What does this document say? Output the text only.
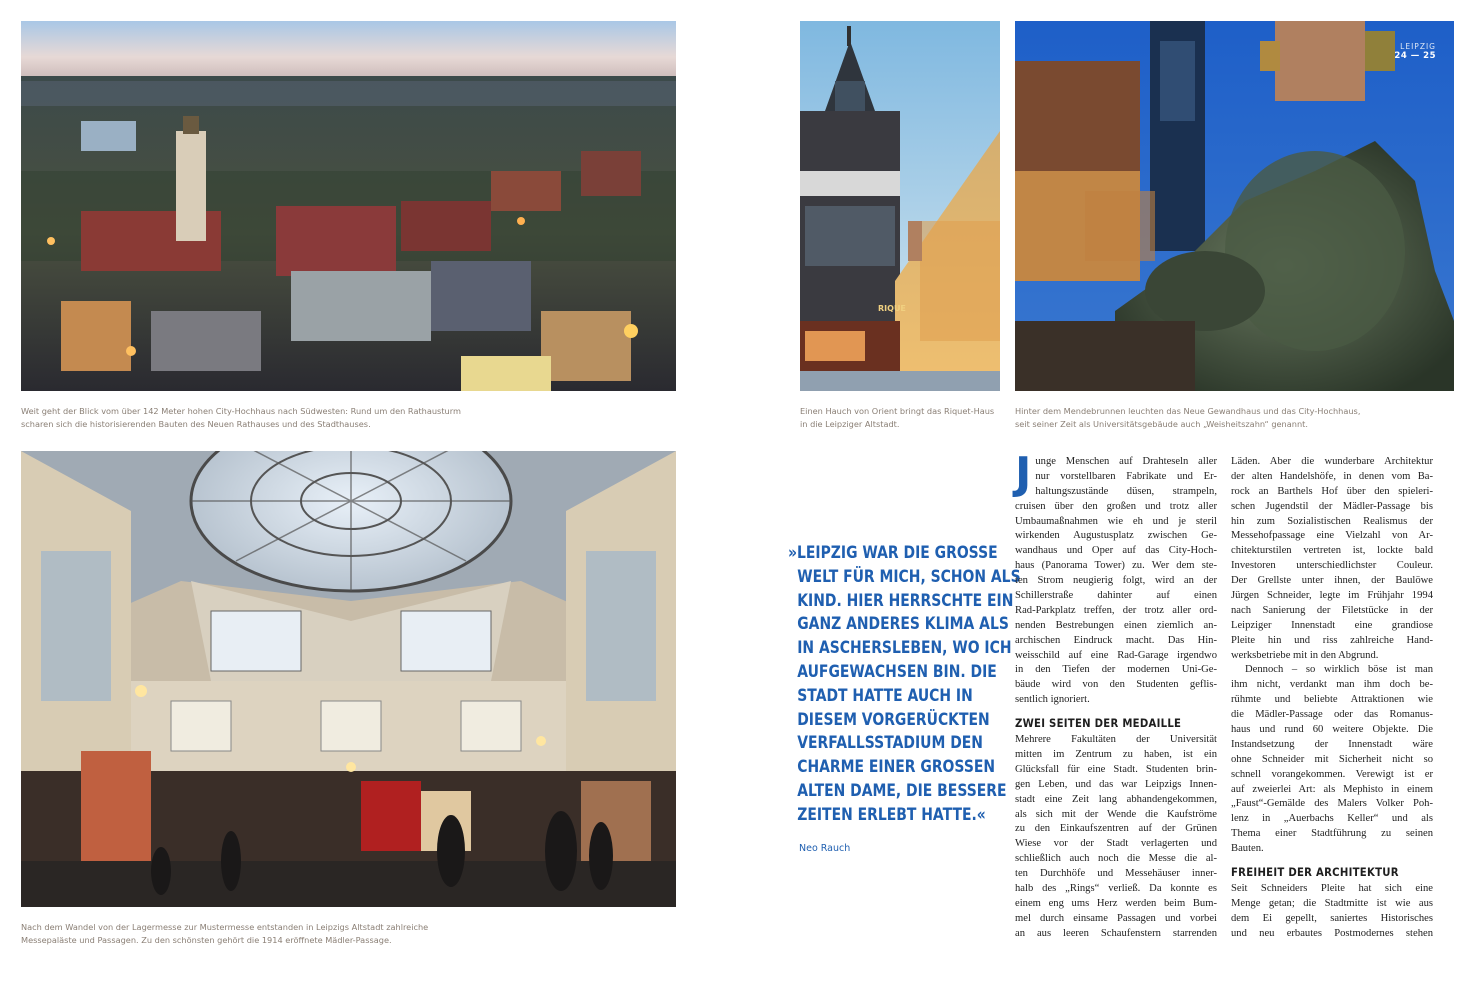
Weit geht der Blick vom über 142 Meter hohen City-Hochhaus nach Südwesten: Rund um den Rathausturm
scharen sich die historisierenden Bauten des Neuen Rathauses und des Stadthauses.

RIQUE

Einen Hauch von Orient bringt das Riquet-Haus
in die Leipziger Altstadt.

LEIPZIG
24 — 25

Hinter dem Mendebrunnen leuchten das Neue Gewandhaus und das City-Hochhaus,
seit seiner Zeit als Universitätsgebäude auch „Weisheitszahn“ genannt.

Nach dem Wandel von der Lagermesse zur Mustermesse entstanden in Leipzigs Altstadt zahlreiche
Messepaläste und Passagen. Zu den schönsten gehört die 1914 eröffnete Mädler-Passage.

»LEIPZIG WAR DIE GROSSE
WELT FÜR MICH, SCHON ALS
KIND. HIER HERRSCHTE EIN
GANZ ANDERES KLIMA ALS
IN ASCHERSLEBEN, WO ICH
AUFGEWACHSEN BIN. DIE
STADT HATTE AUCH IN
DIESEM VORGERÜCKTEN
VERFALLSSTADIUM DEN
CHARME EINER GROSSEN
ALTEN DAME, DIE BESSERE
ZEITEN ERLEBT HATTE.«
Neo Rauch
J unge Menschen auf Drahteseln aller
nur vorstellbaren Fabrikate und Er-
haltungszustände düsen, strampeln,
cruisen über den großen und trotz aller
Umbaumaßnahmen wie eh und je steril
wirkenden Augustusplatz zwischen Ge-
wandhaus und Oper auf das City-Hoch-
haus (Panorama Tower) zu. Wer dem ste-
ten Strom neugierig folgt, wird an der
Schillerstraße dahinter auf einen
Rad-Parkplatz treffen, der trotz aller ord-
nenden Bestrebungen einen ziemlich an-
archischen Eindruck macht. Das Hin-
weisschild auf eine Rad-Garage irgendwo
in den Tiefen der modernen Uni-Ge-
bäude wird von den Studenten geflis-
sentlich ignoriert.
ZWEI SEITEN DER MEDAILLE
Mehrere Fakultäten der Universität
mitten im Zentrum zu haben, ist ein
Glücksfall für eine Stadt. Studenten brin-
gen Leben, und das war Leipzigs Innen-
stadt eine Zeit lang abhandengekommen,
als sich mit der Wende die Kaufströme
zu den Einkaufszentren auf der Grünen
Wiese vor der Stadt verlagerten und
schließlich auch noch die Messe die al-
ten Durchhöfe und Messehäuser inner-
halb des „Rings“ verließ. Da konnte es
einem eng ums Herz werden beim Bum-
mel durch einsame Passagen und vorbei
an aus leeren Schaufenstern starrenden
Läden. Aber die wunderbare Architektur
der alten Handelshöfe, in denen vom Ba-
rock an Barthels Hof über den spieleri-
schen Jugendstil der Mädler-Passage bis
hin zum Sozialistischen Realismus der
Messehofpassage eine Vielzahl von Ar-
chitekturstilen vertreten ist, lockte bald
Investoren unterschiedlichster Couleur.
Der Grellste unter ihnen, der Baulöwe
Jürgen Schneider, legte im Frühjahr 1994
nach Sanierung der Filetstücke in der
Leipziger Innenstadt eine grandiose
Pleite hin und riss zahlreiche Hand-
werksbetriebe mit in den Abgrund.
Dennoch – so wirklich böse ist man
ihm nicht, verdankt man ihm doch be-
rühmte und beliebte Attraktionen wie
die Mädler-Passage oder das Romanus-
haus und rund 60 weitere Objekte. Die
Instandsetzung der Innenstadt wäre
ohne Schneider mit Sicherheit nicht so
schnell vorangekommen. Verewigt ist er
auf zweierlei Art: als Mephisto in einem
„Faust“-Gemälde des Malers Volker Poh-
lenz in „Auerbachs Keller“ und als
Thema einer Stadtführung zu seinen
Bauten.
FREIHEIT DER ARCHITEKTUR
Seit Schneiders Pleite hat sich eine
Menge getan; die Stadtmitte ist wie aus
dem Ei gepellt, saniertes Historisches
und neu erbautes Postmodernes stehen
